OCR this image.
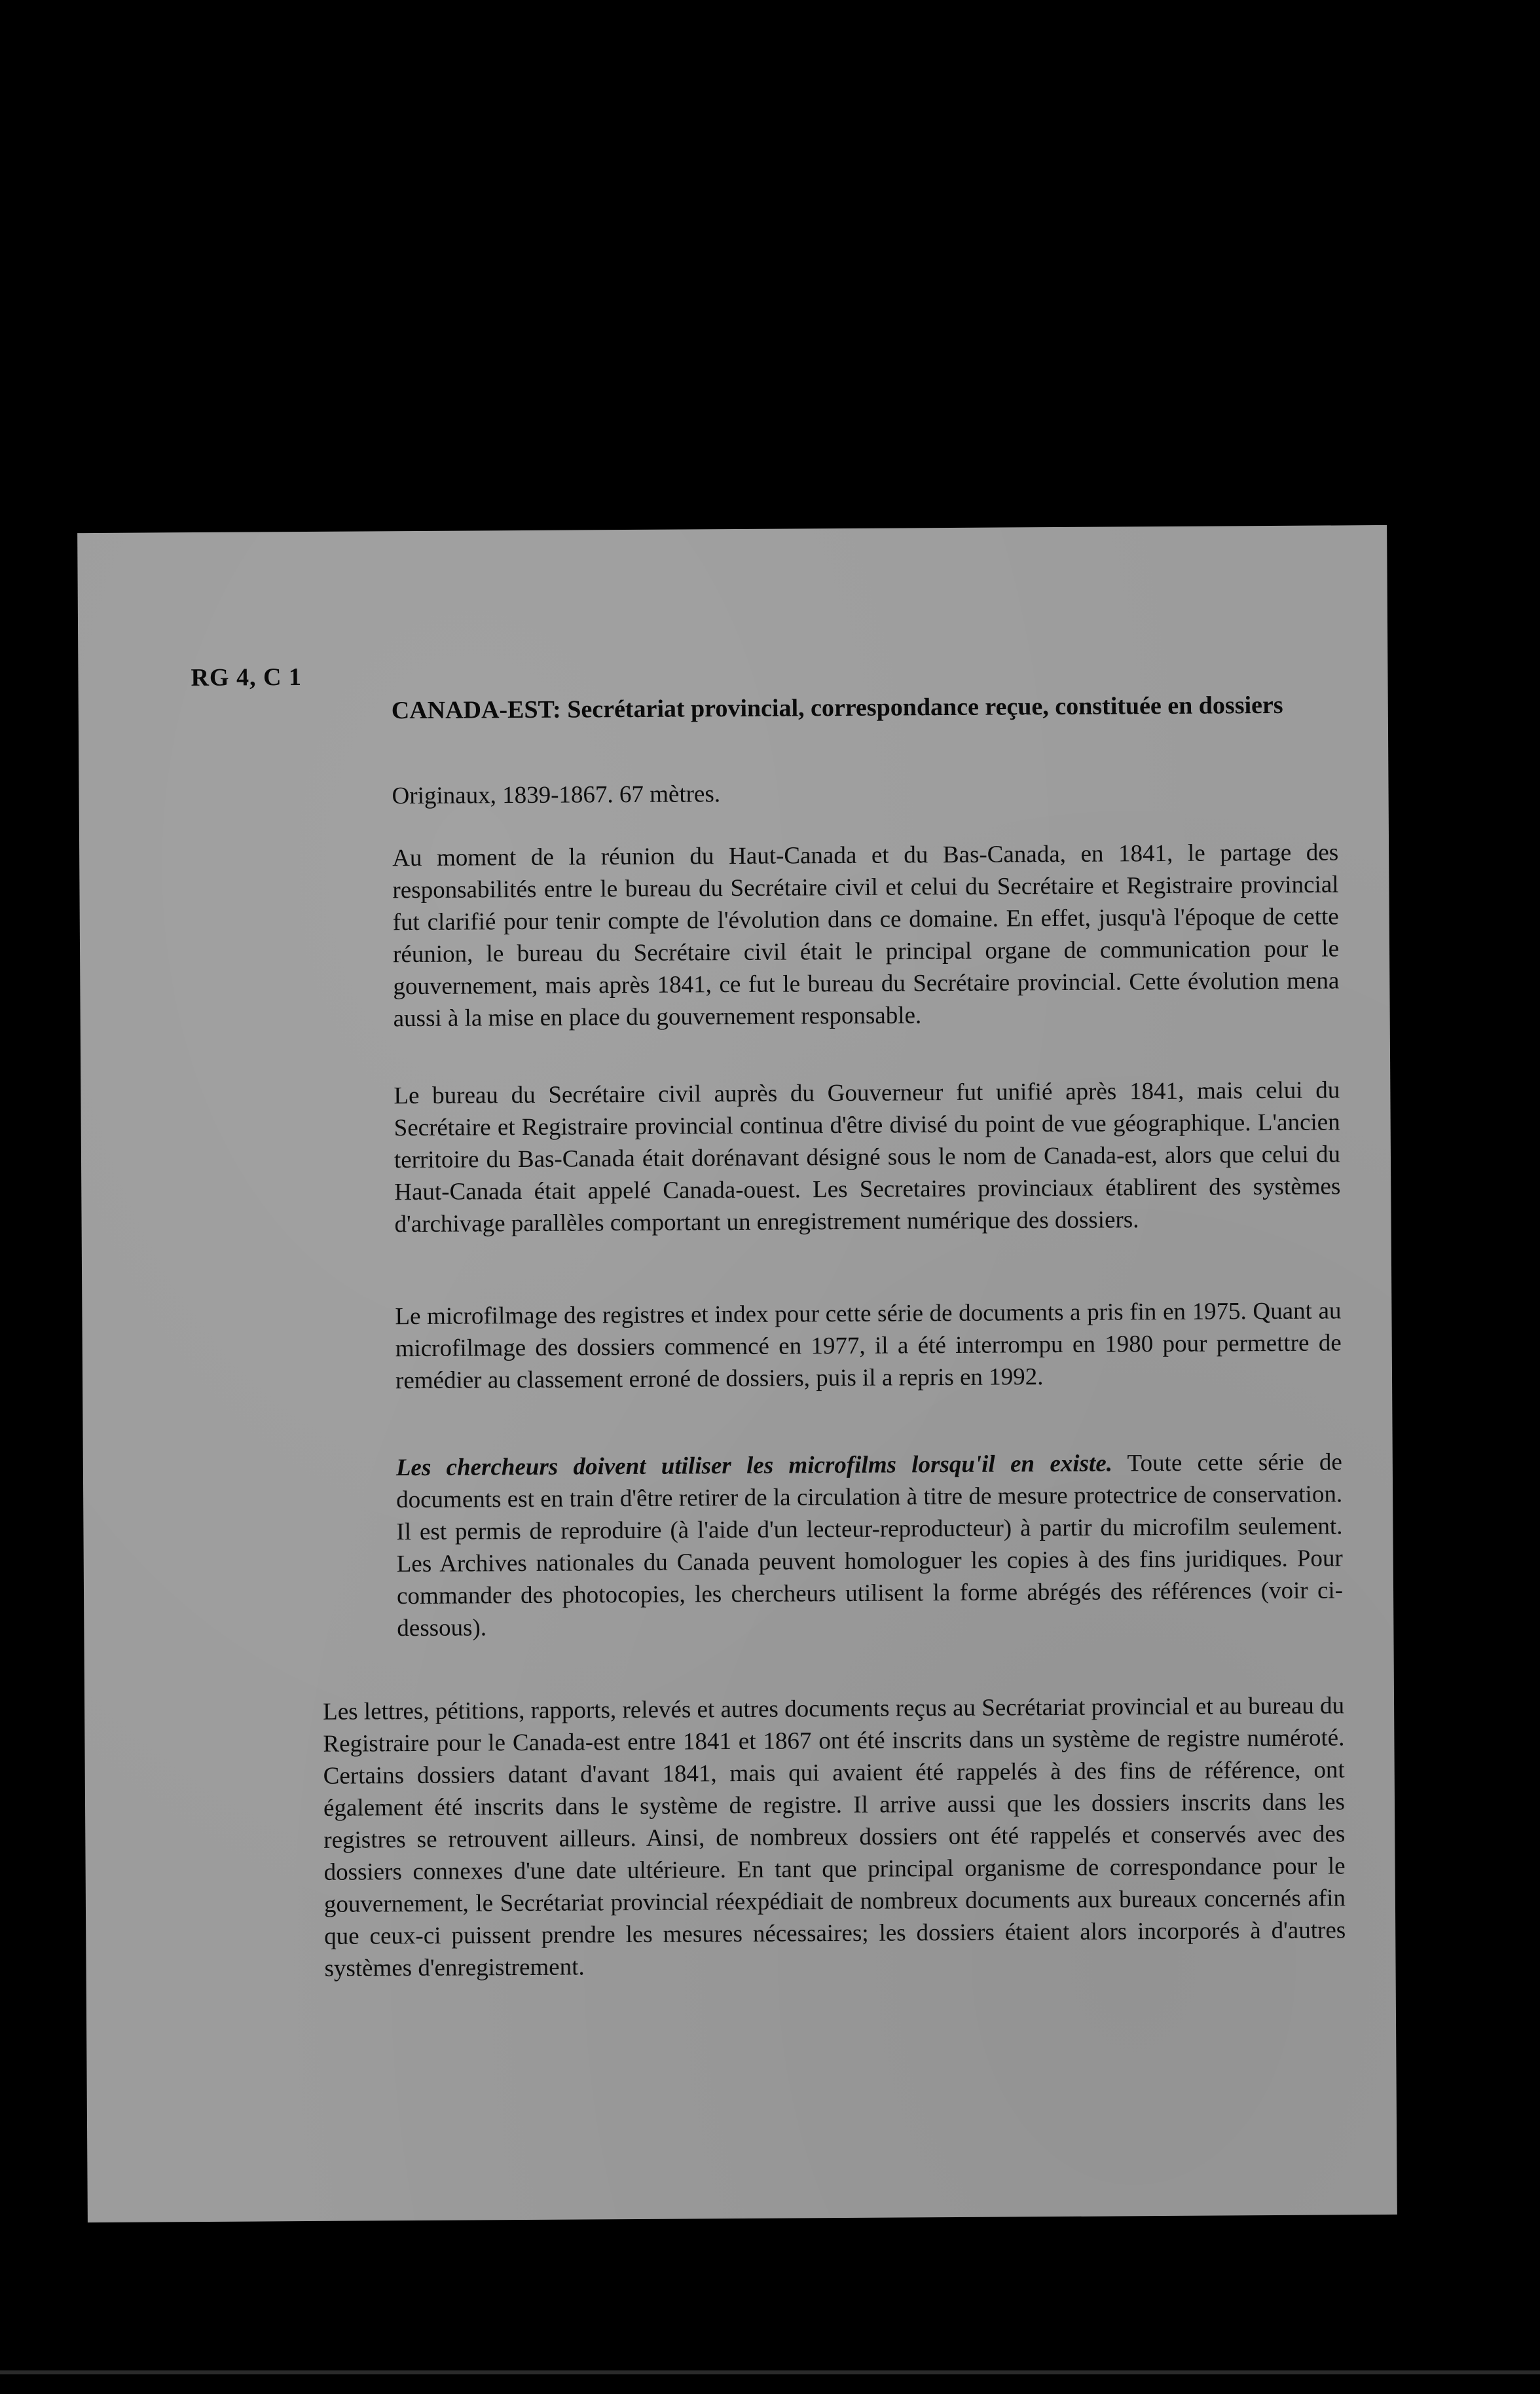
RG 4, C 1
CANADA-EST: Secrétariat provincial, correspondance reçue, constituée en dossiers

Originaux, 1839-1867. 67 mètres.

Au moment de la réunion du Haut-Canada et du Bas-Canada, en 1841, le partage des responsabilités entre le bureau du Secrétaire civil et celui du Secrétaire et Registraire provincial fut clarifié pour tenir compte de l'évolution dans ce domaine. En effet, jusqu'à l'époque de cette réunion, le bureau du Secrétaire civil était le principal organe de communication pour le gouvernement, mais après 1841, ce fut le bureau du Secrétaire provincial. Cette évolution mena aussi à la mise en place du gouvernement responsable.

Le bureau du Secrétaire civil auprès du Gouverneur fut unifié après 1841, mais celui du Secrétaire et Registraire provincial continua d'être divisé du point de vue géographique. L'ancien territoire du Bas-Canada était dorénavant désigné sous le nom de Canada-est, alors que celui du Haut-Canada était appelé Canada-ouest. Les Secretaires provinciaux établirent des systèmes d'archivage parallèles comportant un enregistrement numérique des dossiers.

Le microfilmage des registres et index pour cette série de documents a pris fin en 1975. Quant au microfilmage des dossiers commencé en 1977, il a été interrompu en 1980 pour permettre de remédier au classement erroné de dossiers, puis il a repris en 1992.

Les chercheurs doivent utiliser les microfilms lorsqu'il en existe. Toute cette série de documents est en train d'être retirer de la circulation à titre de mesure protectrice de conservation. Il est permis de reproduire (à l'aide d'un lecteur-reproducteur) à partir du microfilm seulement. Les Archives nationales du Canada peuvent homologuer les copies à des fins juridiques. Pour commander des photocopies, les chercheurs utilisent la forme abrégés des références (voir ci-dessous).

Les lettres, pétitions, rapports, relevés et autres documents reçus au Secrétariat provincial et au bureau du Registraire pour le Canada-est entre 1841 et 1867 ont été inscrits dans un système de registre numéroté. Certains dossiers datant d'avant 1841, mais qui avaient été rappelés à des fins de référence, ont également été inscrits dans le système de registre. Il arrive aussi que les dossiers inscrits dans les registres se retrouvent ailleurs. Ainsi, de nombreux dossiers ont été rappelés et conservés avec des dossiers connexes d'une date ultérieure. En tant que principal organisme de correspondance pour le gouvernement, le Secrétariat provincial réexpédiait de nombreux documents aux bureaux concernés afin que ceux-ci puissent prendre les mesures nécessaires; les dossiers étaient alors incorporés à d'autres systèmes d'enregistrement.
